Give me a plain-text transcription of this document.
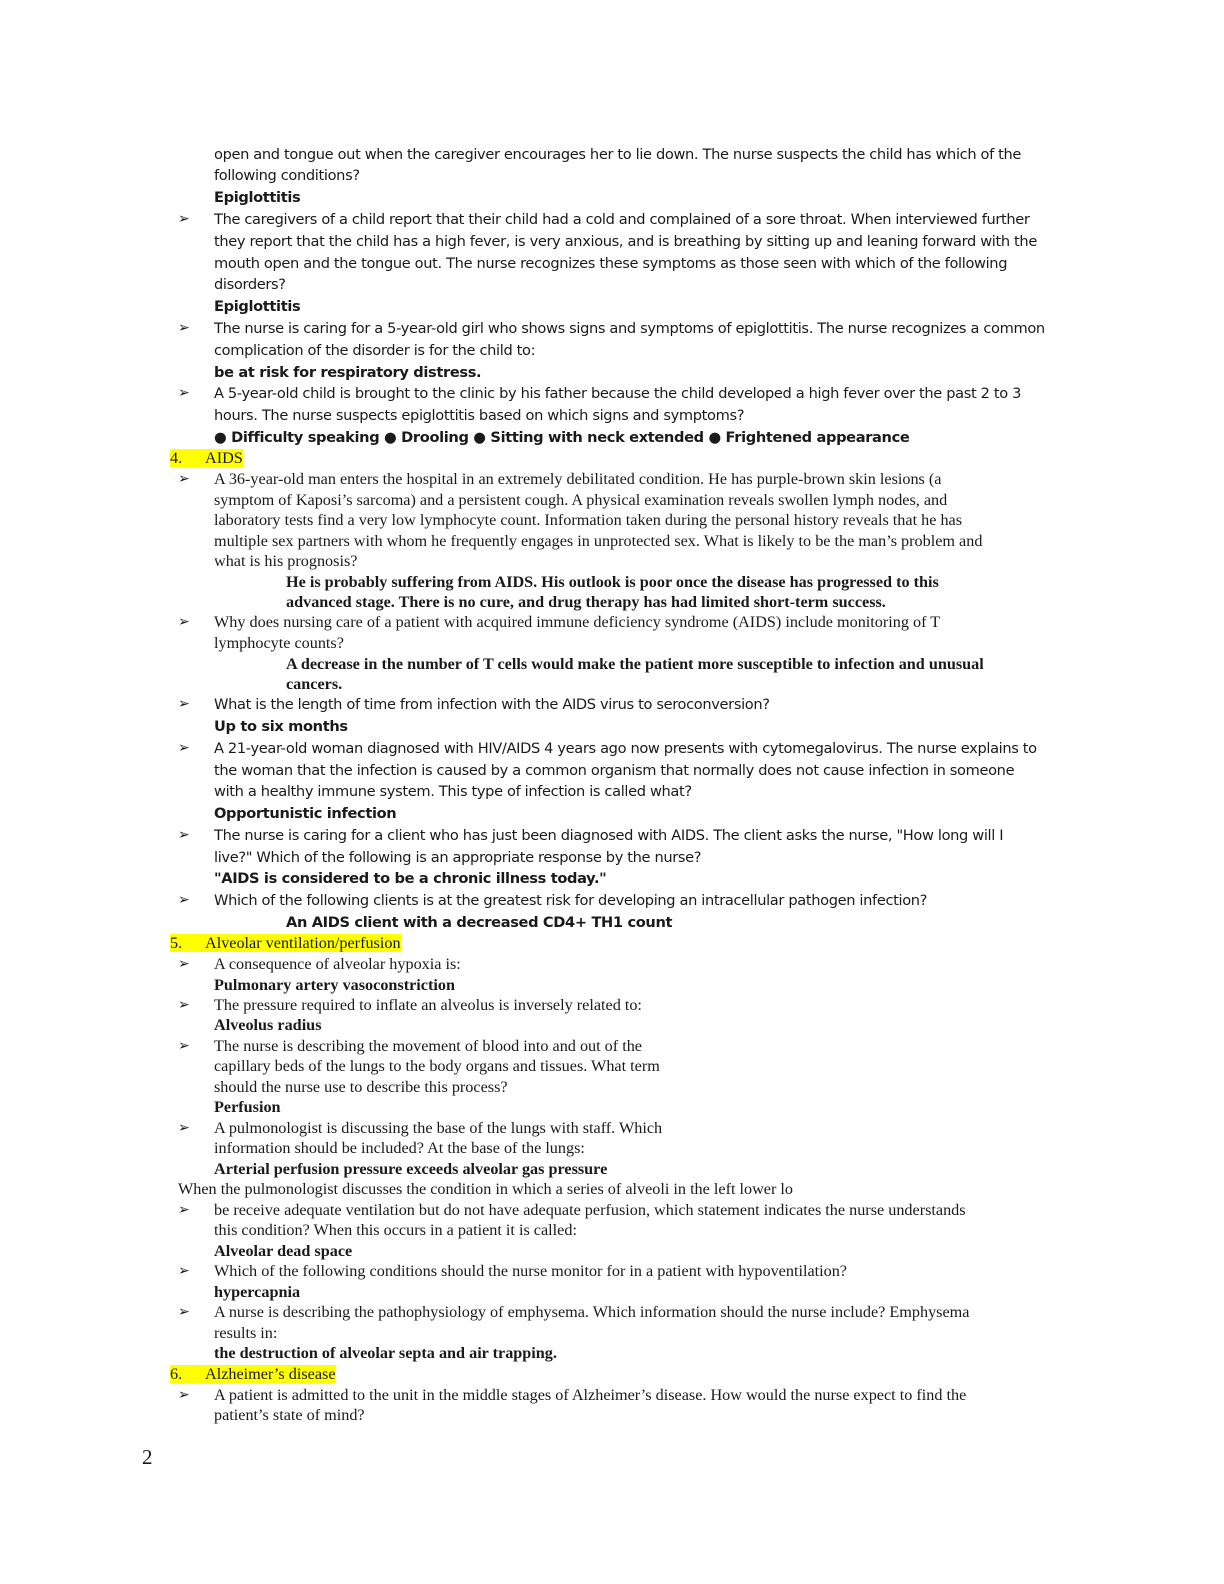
open and tongue out when the caregiver encourages her to lie down. The nurse suspects the child has which of the
following conditions?
Epiglottitis
➢ The caregivers of a child report that their child had a cold and complained of a sore throat. When interviewed further
they report that the child has a high fever, is very anxious, and is breathing by sitting up and leaning forward with the
mouth open and the tongue out. The nurse recognizes these symptoms as those seen with which of the following
disorders?
Epiglottitis
➢ The nurse is caring for a 5-year-old girl who shows signs and symptoms of epiglottitis. The nurse recognizes a common
complication of the disorder is for the child to:
be at risk for respiratory distress.
➢ A 5-year-old child is brought to the clinic by his father because the child developed a high fever over the past 2 to 3
hours. The nurse suspects epiglottitis based on which signs and symptoms?
● Difficulty speaking ● Drooling ● Sitting with neck extended ● Frightened appearance
4. AIDS
➢ A 36-year-old man enters the hospital in an extremely debilitated condition. He has purple-brown skin lesions (a
symptom of Kaposi’s sarcoma) and a persistent cough. A physical examination reveals swollen lymph nodes, and
laboratory tests find a very low lymphocyte count. Information taken during the personal history reveals that he has
multiple sex partners with whom he frequently engages in unprotected sex. What is likely to be the man’s problem and
what is his prognosis?
He is probably suffering from AIDS. His outlook is poor once the disease has progressed to this
advanced stage. There is no cure, and drug therapy has had limited short-term success.
➢ Why does nursing care of a patient with acquired immune deficiency syndrome (AIDS) include monitoring of T
lymphocyte counts?
A decrease in the number of T cells would make the patient more susceptible to infection and unusual
cancers.
➢ What is the length of time from infection with the AIDS virus to seroconversion?
Up to six months
➢ A 21-year-old woman diagnosed with HIV/AIDS 4 years ago now presents with cytomegalovirus. The nurse explains to
the woman that the infection is caused by a common organism that normally does not cause infection in someone
with a healthy immune system. This type of infection is called what?
Opportunistic infection
➢ The nurse is caring for a client who has just been diagnosed with AIDS. The client asks the nurse, "How long will I
live?" Which of the following is an appropriate response by the nurse?
"AIDS is considered to be a chronic illness today."
➢ Which of the following clients is at the greatest risk for developing an intracellular pathogen infection?
An AIDS client with a decreased CD4+ TH1 count
5. Alveolar ventilation/perfusion
➢ A consequence of alveolar hypoxia is:
Pulmonary artery vasoconstriction
➢ The pressure required to inflate an alveolus is inversely related to:
Alveolus radius
➢ The nurse is describing the movement of blood into and out of the
capillary beds of the lungs to the body organs and tissues. What term
should the nurse use to describe this process?
Perfusion
➢ A pulmonologist is discussing the base of the lungs with staff. Which
information should be included? At the base of the lungs:
Arterial perfusion pressure exceeds alveolar gas pressure
When the pulmonologist discusses the condition in which a series of alveoli in the left lower lo
➢ be receive adequate ventilation but do not have adequate perfusion, which statement indicates the nurse understands
this condition? When this occurs in a patient it is called:
Alveolar dead space
➢ Which of the following conditions should the nurse monitor for in a patient with hypoventilation?
hypercapnia
➢ A nurse is describing the pathophysiology of emphysema. Which information should the nurse include? Emphysema
results in:
the destruction of alveolar septa and air trapping.
6. Alzheimer’s disease
➢ A patient is admitted to the unit in the middle stages of Alzheimer’s disease. How would the nurse expect to find the
patient’s state of mind?
2
